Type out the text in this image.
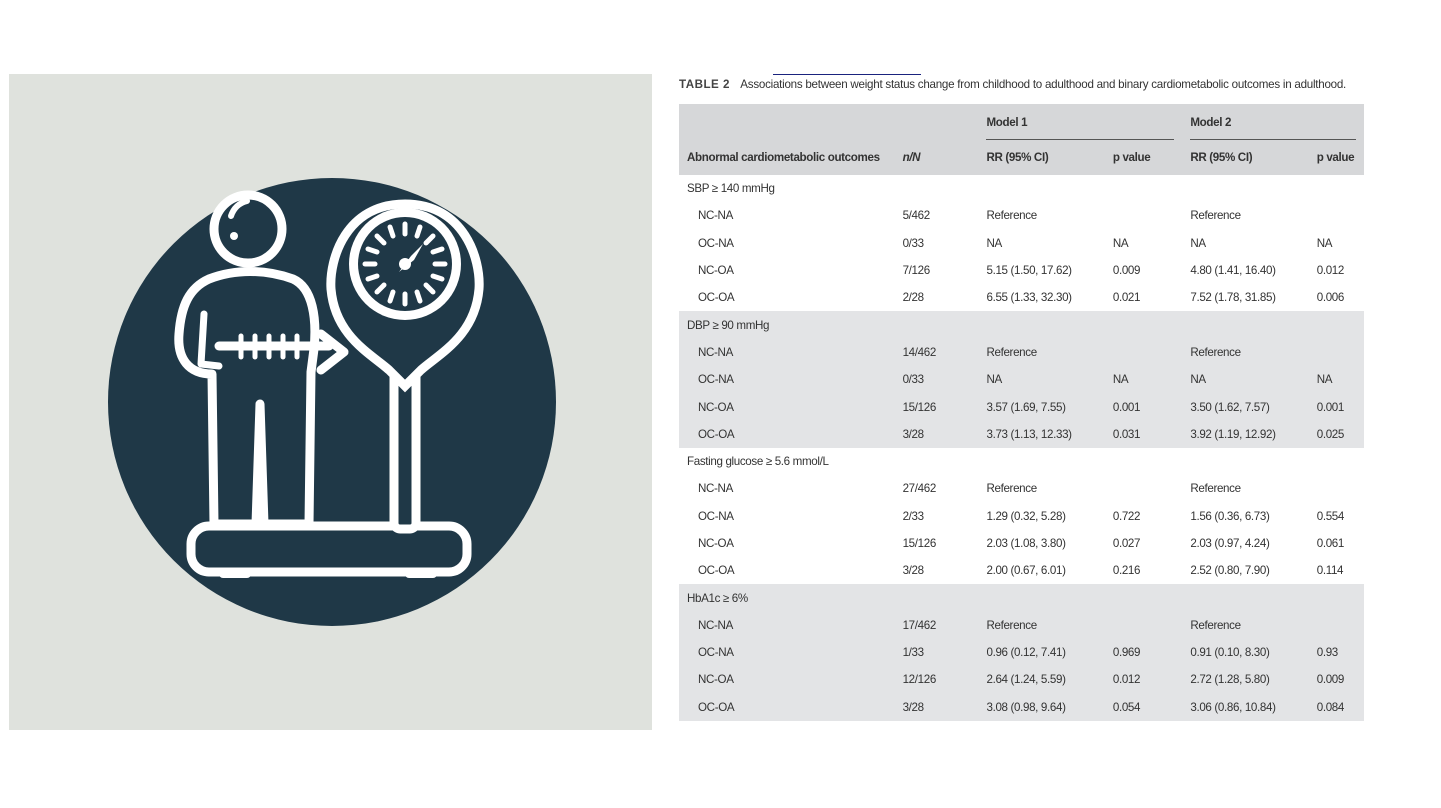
TABLE 2 Associations between weight status change from childhood to adulthood and binary cardiometabolic outcomes in adulthood.
		Model 1		Model 2	

Abnormal cardiometabolic outcomes	n/N	RR (95% CI)	p value	RR (95% CI)	p value
SBP ≥ 140 mmHg					
NC-NA	5/462	Reference		Reference	
OC-NA	0/33	NA	NA	NA	NA
NC-OA	7/126	5.15 (1.50, 17.62)	0.009	4.80 (1.41, 16.40)	0.012
OC-OA	2/28	6.55 (1.33, 32.30)	0.021	7.52 (1.78, 31.85)	0.006
DBP ≥ 90 mmHg					
NC-NA	14/462	Reference		Reference	
OC-NA	0/33	NA	NA	NA	NA
NC-OA	15/126	3.57 (1.69, 7.55)	0.001	3.50 (1.62, 7.57)	0.001
OC-OA	3/28	3.73 (1.13, 12.33)	0.031	3.92 (1.19, 12.92)	0.025
Fasting glucose ≥ 5.6 mmol/L					
NC-NA	27/462	Reference		Reference	
OC-NA	2/33	1.29 (0.32, 5.28)	0.722	1.56 (0.36, 6.73)	0.554
NC-OA	15/126	2.03 (1.08, 3.80)	0.027	2.03 (0.97, 4.24)	0.061
OC-OA	3/28	2.00 (0.67, 6.01)	0.216	2.52 (0.80, 7.90)	0.114
HbA1c ≥ 6%					
NC-NA	17/462	Reference		Reference	
OC-NA	1/33	0.96 (0.12, 7.41)	0.969	0.91 (0.10, 8.30)	0.93
NC-OA	12/126	2.64 (1.24, 5.59)	0.012	2.72 (1.28, 5.80)	0.009
OC-OA	3/28	3.08 (0.98, 9.64)	0.054	3.06 (0.86, 10.84)	0.084
